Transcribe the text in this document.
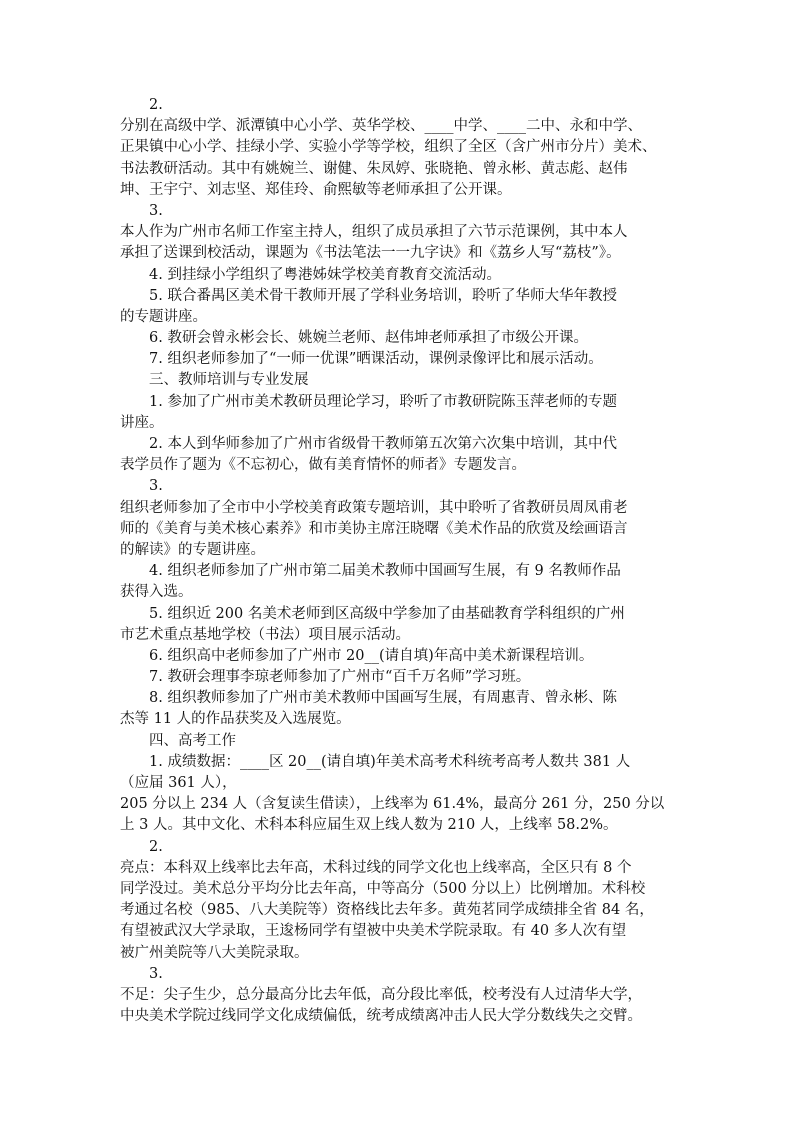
2.
分别在高级中学、派潭镇中心小学、英华学校、____中学、____二中、永和中学、
正果镇中心小学、挂绿小学、实验小学等学校，组织了全区（含广州市分片）美术、
书法教研活动。其中有姚婉兰、谢健、朱凤婷、张晓艳、曾永彬、黄志彪、赵伟
坤、王宇宁、刘志坚、郑佳玲、俞熙敏等老师承担了公开课。
3.
本人作为广州市名师工作室主持人，组织了成员承担了六节示范课例，其中本人
承担了送课到校活动，课题为《书法笔法一一九字诀》和《荔乡人写“荔枝”》。
4. 到挂绿小学组织了粤港姊妹学校美育教育交流活动。
5. 联合番禺区美术骨干教师开展了学科业务培训，聆听了华师大华年教授
的专题讲座。
6. 教研会曾永彬会长、姚婉兰老师、赵伟坤老师承担了市级公开课。
7. 组织老师参加了“一师一优课”晒课活动，课例录像评比和展示活动。
三、教师培训与专业发展
1. 参加了广州市美术教研员理论学习，聆听了市教研院陈玉萍老师的专题
讲座。
2. 本人到华师参加了广州市省级骨干教师第五次第六次集中培训，其中代
表学员作了题为《不忘初心，做有美育情怀的师者》专题发言。
3.
组织老师参加了全市中小学校美育政策专题培训，其中聆听了省教研员周凤甫老
师的《美育与美术核心素养》和市美协主席汪晓曙《美术作品的欣赏及绘画语言
的解读》的专题讲座。
4. 组织老师参加了广州市第二届美术教师中国画写生展，有 9 名教师作品
获得入选。
5. 组织近 200 名美术老师到区高级中学参加了由基础教育学科组织的广州
市艺术重点基地学校（书法）项目展示活动。
6. 组织高中老师参加了广州市 20__(请自填)年高中美术新课程培训。
7. 教研会理事李琼老师参加了广州市“百千万名师”学习班。
8. 组织教师参加了广州市美术教师中国画写生展，有周惠青、曾永彬、陈
杰等 11 人的作品获奖及入选展览。
四、高考工作
1. 成绩数据：____区 20__(请自填)年美术高考术科统考高考人数共 381 人
（应届 361 人），
205 分以上 234 人（含复读生借读），上线率为 61.4%，最高分 261 分，250 分以
上 3 人。其中文化、术科本科应届生双上线人数为 210 人，上线率 58.2%。
2.
亮点：本科双上线率比去年高，术科过线的同学文化也上线率高，全区只有 8 个
同学没过。美术总分平均分比去年高，中等高分（500 分以上）比例增加。术科校
考通过名校（985、八大美院等）资格线比去年多。黄苑茗同学成绩排全省 84 名，
有望被武汉大学录取，王逡杨同学有望被中央美术学院录取。有 40 多人次有望
被广州美院等八大美院录取。
3.
不足：尖子生少，总分最高分比去年低，高分段比率低，校考没有人过清华大学，
中央美术学院过线同学文化成绩偏低，统考成绩离冲击人民大学分数线失之交臂。
